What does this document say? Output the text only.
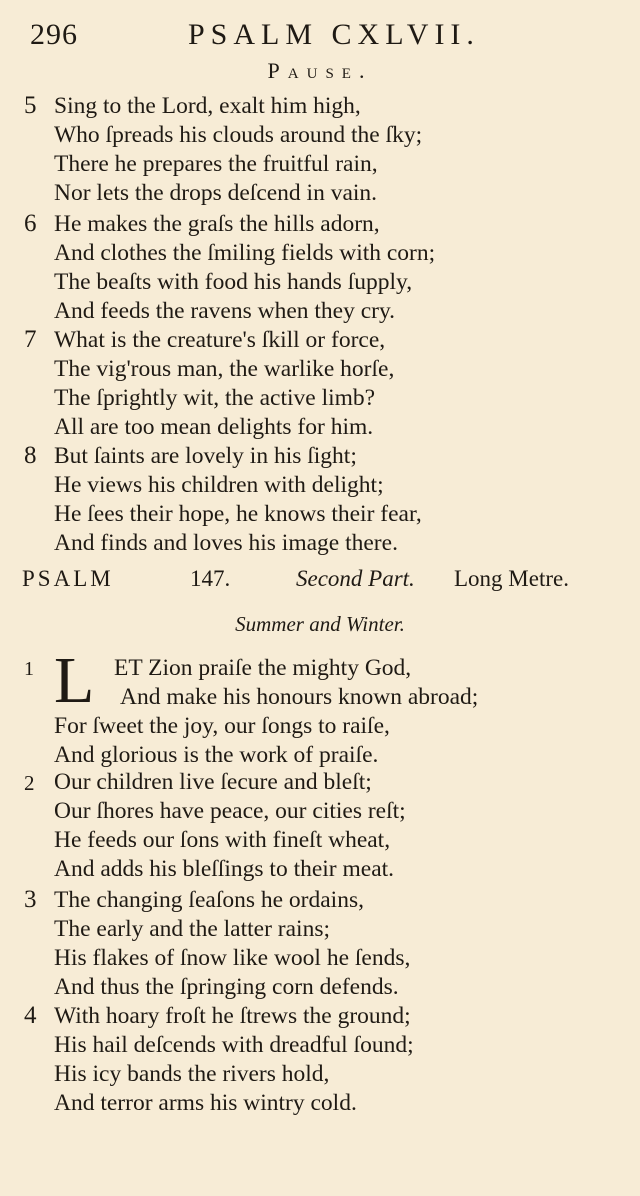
296	PSALM CXLVII.
Pause.
5 Sing to the Lord, exalt him high,
Who ſpreads his clouds around the ſky;
There he prepares the fruitful rain,
Nor lets the drops deſcend in vain.
6 He makes the graſs the hills adorn,
And clothes the ſmiling fields with corn;
The beaſts with food his hands ſupply,
And feeds the ravens when they cry.
7 What is the creature's ſkill or force,
The vig'rous man, the warlike horſe,
The ſprightly wit, the active limb?
All are too mean delights for him.
8 But ſaints are lovely in his ſight;
He views his children with delight;
He ſees their hope, he knows their fear,
And finds and loves his image there.
PSALM	147.	Second Part. Long Metre.
Summer and Winter.
1 L ET Zion praiſe the mighty God,
And make his honours known abroad;
For ſweet the joy, our ſongs to raiſe,
And glorious is the work of praiſe.
2 Our children live ſecure and bleſt;
Our ſhores have peace, our cities reſt;
He feeds our ſons with fineſt wheat,
And adds his bleſſings to their meat.
3 The changing ſeaſons he ordains,
The early and the latter rains;
His flakes of ſnow like wool he ſends,
And thus the ſpringing corn defends.
4 With hoary froſt he ſtrews the ground;
His hail deſcends with dreadful ſound;
His icy bands the rivers hold,
And terror arms his wintry cold.
